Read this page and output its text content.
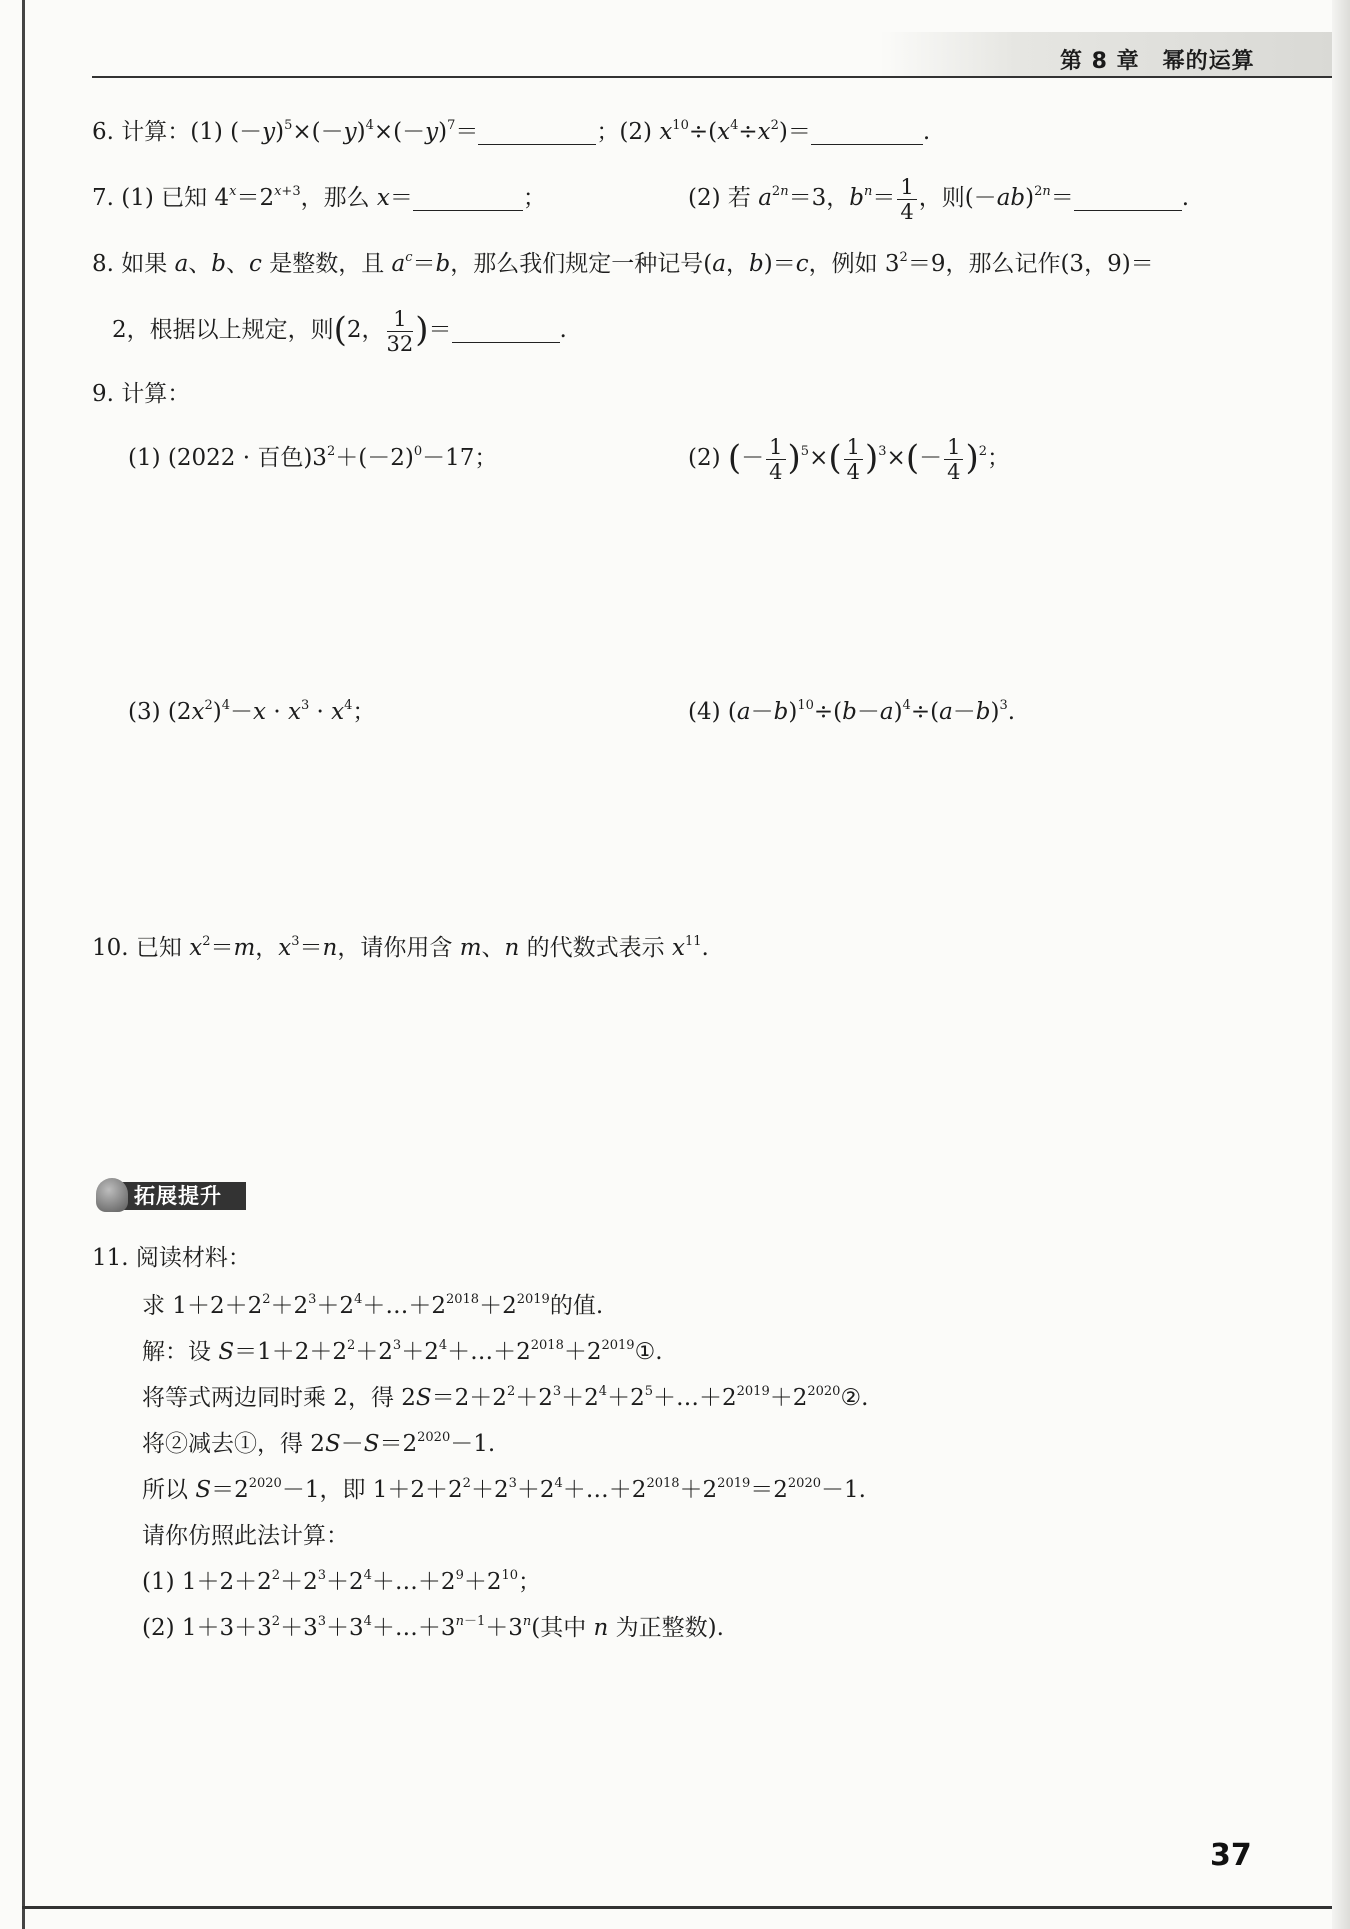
第 8 章　幂的运算
6. 计算：(1) $(-y)^5\times(-y)^4\times(-y)^7=$	；(2) $x^{10}\div(x^4\div x^2)=$	.
7. (1) 已知 $4^x=2^{x+3}$，那么 x＝	；	(2) 若 $a^{2n}=3$，$b^n= \frac{1}{4}$ ，则$(-ab)^{2n}=$	.
8. 如果 a、b、c 是整数，且 $a^c=b$，那么我们规定一种记号(a，b)＝c，例如 $3^2=9$，那么记作(3，9)＝
2，根据以上规定，则(2， $\frac{1}{32}$ )＝	.
9. 计算：
(1) (2022 · 百色)$3^2+(-2)^0-17$；	(2) (－ $\frac{1}{4} )^5\times( \frac{1}{4} )^3\times(- \frac{1}{4} )^2$；
(3) $(2x^2)^4-x \cdot x^3 \cdot x^4$；	(4) $(a-b)^{10}\div(b-a)^4\div(a-b)^3$.
10. 已知 $x^2=m$，$x^3=n$，请你用含 m、n 的代数式表示 $x^{11}$.
拓展提升
11. 阅读材料：
求 $1+2+2^2+2^3+2^4+\dots+2^{2018}+2^{2019}$的值.
解：设 $S=1+2+2^2+2^3+2^4+\dots+2^{2018}+2^{2019}①$.
将等式两边同时乘 2，得 $2S=2+2^2+2^3+2^4+2^5+\dots+2^{2019}+2^{2020}②$.
将②减去①，得 $2S-S=2^{2020}-1$.
所以 $S=2^{2020}-1$，即 $1+2+2^2+2^3+2^4+\dots+2^{2018}+2^{2019}=2^{2020}-1$.
请你仿照此法计算：
(1) $1+2+2^2+2^3+2^4+\dots+2^9+2^{10}$；
(2) $1+3+3^2+3^3+3^4+\dots+3^{n-1}+3^n$(其中 n 为正整数).
37
